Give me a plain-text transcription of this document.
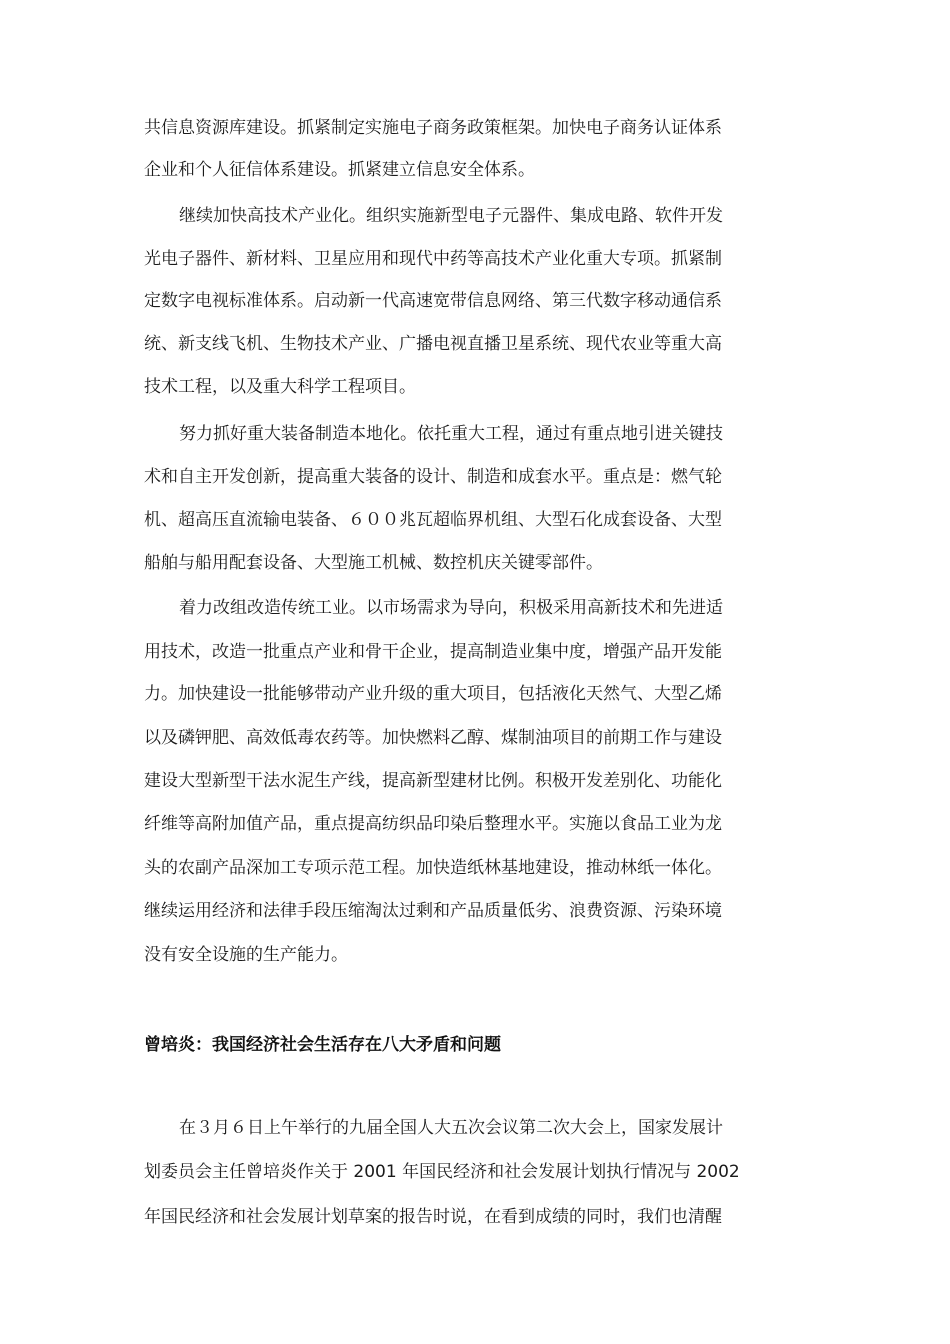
共信息资源库建设。抓紧制定实施电子商务政策框架。加快电子商务认证体系
企业和个人征信体系建设。抓紧建立信息安全体系。
继续加快高技术产业化。组织实施新型电子元器件、集成电路、软件开发
光电子器件、新材料、卫星应用和现代中药等高技术产业化重大专项。抓紧制
定数字电视标准体系。启动新一代高速宽带信息网络、第三代数字移动通信系
统、新支线飞机、生物技术产业、广播电视直播卫星系统、现代农业等重大高
技术工程，以及重大科学工程项目。
努力抓好重大装备制造本地化。依托重大工程，通过有重点地引进关键技
术和自主开发创新，提高重大装备的设计、制造和成套水平。重点是：燃气轮
机、超高压直流输电装备、６００兆瓦超临界机组、大型石化成套设备、大型
船舶与船用配套设备、大型施工机械、数控机庆关键零部件。
着力改组改造传统工业。以市场需求为导向，积极采用高新技术和先进适
用技术，改造一批重点产业和骨干企业，提高制造业集中度，增强产品开发能
力。加快建设一批能够带动产业升级的重大项目，包括液化天然气、大型乙烯
以及磷钾肥、高效低毒农药等。加快燃料乙醇、煤制油项目的前期工作与建设
建设大型新型干法水泥生产线，提高新型建材比例。积极开发差别化、功能化
纤维等高附加值产品，重点提高纺织品印染后整理水平。实施以食品工业为龙
头的农副产品深加工专项示范工程。加快造纸林基地建设，推动林纸一体化。
继续运用经济和法律手段压缩淘汰过剩和产品质量低劣、浪费资源、污染环境
没有安全设施的生产能力。
曾培炎：我国经济社会生活存在八大矛盾和问题
在３月６日上午举行的九届全国人大五次会议第二次大会上，国家发展计
划委员会主任曾培炎作关于 2001 年国民经济和社会发展计划执行情况与 2002
年国民经济和社会发展计划草案的报告时说，在看到成绩的同时，我们也清醒
